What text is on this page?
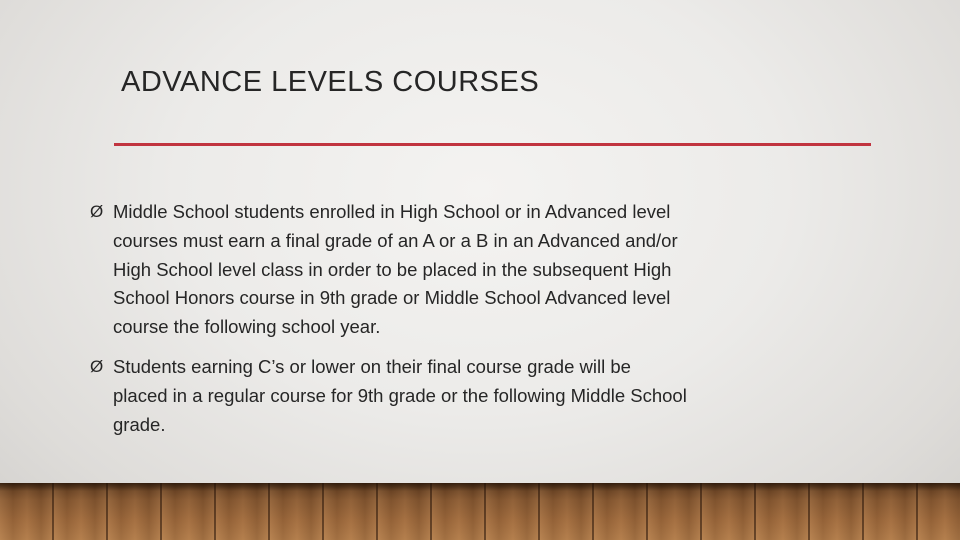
ADVANCE LEVELS COURSES
Ø Middle School students enrolled in High School or in Advanced level
courses must earn a final grade of an A or a B in an Advanced and/or
High School level class in order to be placed in the subsequent High
School Honors course in 9th grade or Middle School Advanced level
course the following school year.
Ø Students earning C’s or lower on their final course grade will be
placed in a regular course for 9th grade or the following Middle School
grade.
